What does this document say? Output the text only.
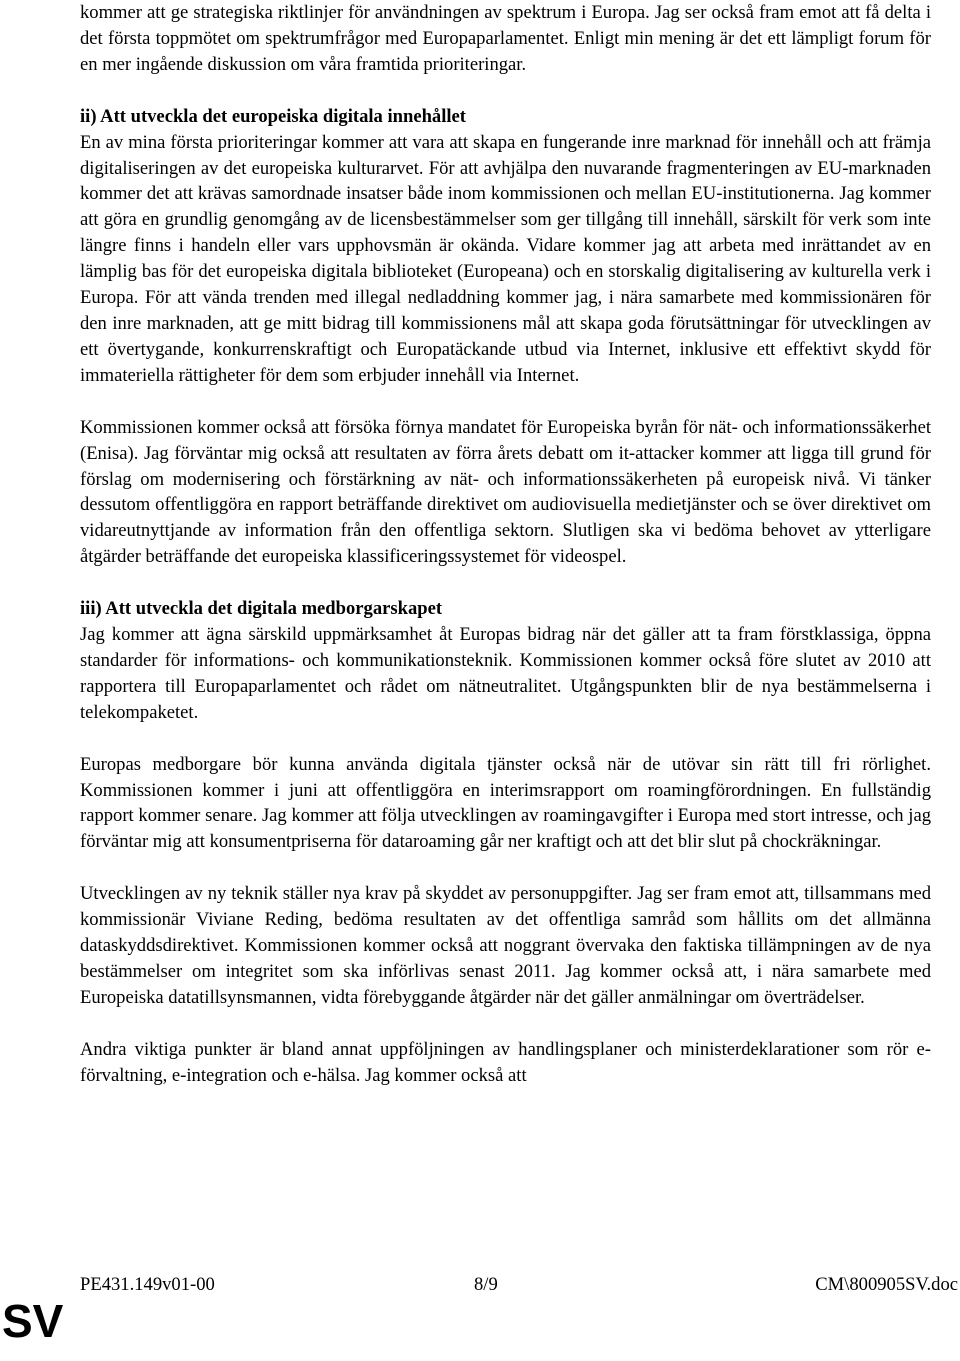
kommer att ge strategiska riktlinjer för användningen av spektrum i Europa. Jag ser också fram emot att få delta i det första toppmötet om spektrumfrågor med Europaparlamentet. Enligt min mening är det ett lämpligt forum för en mer ingående diskussion om våra framtida prioriteringar.

ii) Att utveckla det europeiska digitala innehållet

En av mina första prioriteringar kommer att vara att skapa en fungerande inre marknad för innehåll och att främja digitaliseringen av det europeiska kulturarvet. För att avhjälpa den nuvarande fragmenteringen av EU-marknaden kommer det att krävas samordnade insatser både inom kommissionen och mellan EU-institutionerna. Jag kommer att göra en grundlig genomgång av de licensbestämmelser som ger tillgång till innehåll, särskilt för verk som inte längre finns i handeln eller vars upphovsmän är okända. Vidare kommer jag att arbeta med inrättandet av en lämplig bas för det europeiska digitala biblioteket (Europeana) och en storskalig digitalisering av kulturella verk i Europa. För att vända trenden med illegal nedladdning kommer jag, i nära samarbete med kommissionären för den inre marknaden, att ge mitt bidrag till kommissionens mål att skapa goda förutsättningar för utvecklingen av ett övertygande, konkurrenskraftigt och Europatäckande utbud via Internet, inklusive ett effektivt skydd för immateriella rättigheter för dem som erbjuder innehåll via Internet.

Kommissionen kommer också att försöka förnya mandatet för Europeiska byrån för nät- och informationssäkerhet (Enisa). Jag förväntar mig också att resultaten av förra årets debatt om it-attacker kommer att ligga till grund för förslag om modernisering och förstärkning av nät- och informationssäkerheten på europeisk nivå. Vi tänker dessutom offentliggöra en rapport beträffande direktivet om audiovisuella medietjänster och se över direktivet om vidareutnyttjande av information från den offentliga sektorn. Slutligen ska vi bedöma behovet av ytterligare åtgärder beträffande det europeiska klassificeringssystemet för videospel.

iii) Att utveckla det digitala medborgarskapet

Jag kommer att ägna särskild uppmärksamhet åt Europas bidrag när det gäller att ta fram förstklassiga, öppna standarder för informations- och kommunikationsteknik. Kommissionen kommer också före slutet av 2010 att rapportera till Europaparlamentet och rådet om nätneutralitet. Utgångspunkten blir de nya bestämmelserna i telekompaketet.

Europas medborgare bör kunna använda digitala tjänster också när de utövar sin rätt till fri rörlighet. Kommissionen kommer i juni att offentliggöra en interimsrapport om roamingförordningen. En fullständig rapport kommer senare. Jag kommer att följa utvecklingen av roamingavgifter i Europa med stort intresse, och jag förväntar mig att konsumentpriserna för dataroaming går ner kraftigt och att det blir slut på chockräkningar.

Utvecklingen av ny teknik ställer nya krav på skyddet av personuppgifter. Jag ser fram emot att, tillsammans med kommissionär Viviane Reding, bedöma resultaten av det offentliga samråd som hållits om det allmänna dataskyddsdirektivet. Kommissionen kommer också att noggrant övervaka den faktiska tillämpningen av de nya bestämmelser om integritet som ska införlivas senast 2011. Jag kommer också att, i nära samarbete med Europeiska datatillsynsmannen, vidta förebyggande åtgärder när det gäller anmälningar om överträdelser.

Andra viktiga punkter är bland annat uppföljningen av handlingsplaner och ministerdeklarationer som rör e-förvaltning, e-integration och e-hälsa. Jag kommer också att

PE431.149v01-00	8/9	CM\800905SV.doc
SV
